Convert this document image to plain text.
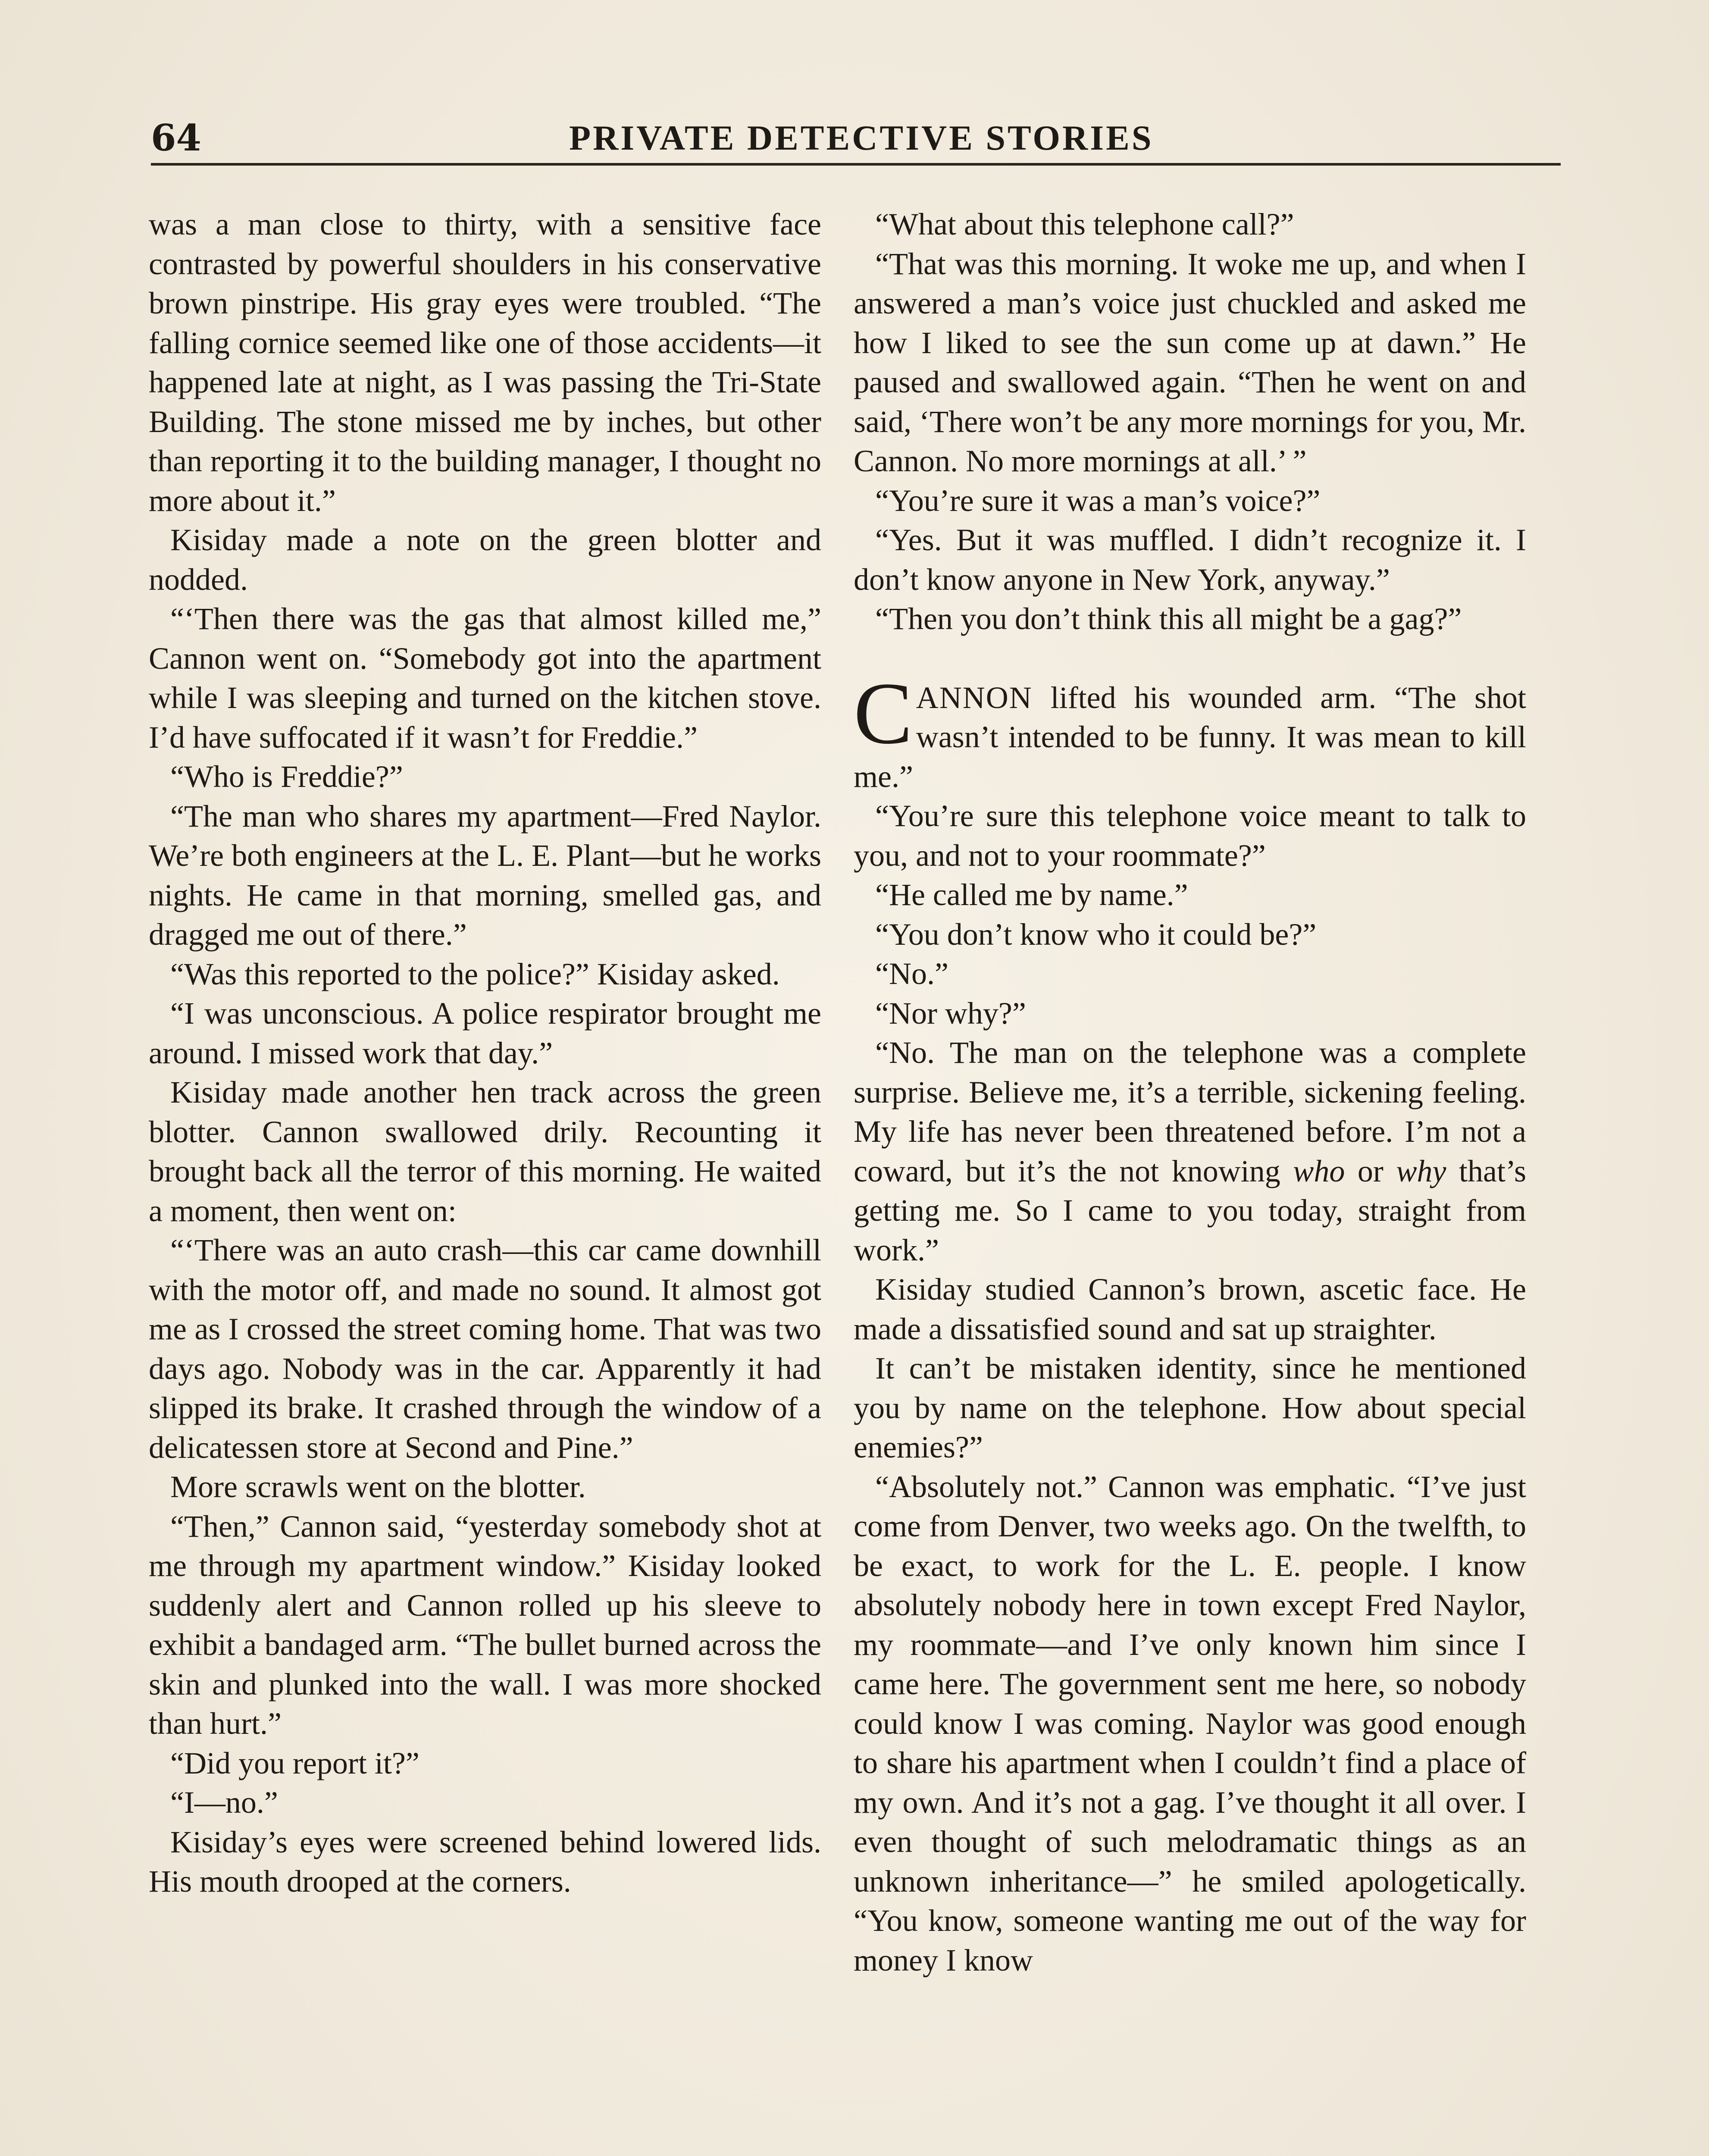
64	PRIVATE DETECTIVE STORIES

was a man close to thirty, with a sensitive face contrasted by powerful shoulders in his conservative brown pinstripe. His gray eyes were troubled. “The falling cornice seemed like one of those accidents—it happened late at night, as I was passing the Tri-State Building. The stone missed me by inches, but other than reporting it to the building manager, I thought no more about it.”

Kisiday made a note on the green blotter and nodded.

“‘Then there was the gas that almost killed me,” Cannon went on. “Somebody got into the apartment while I was sleeping and turned on the kitchen stove. I’d have suffocated if it wasn’t for Freddie.”

“Who is Freddie?”

“The man who shares my apartment—Fred Naylor. We’re both engineers at the L. E. Plant—but he works nights. He came in that morning, smelled gas, and dragged me out of there.”

“Was this reported to the police?” Kisiday asked.

“I was unconscious. A police respirator brought me around. I missed work that day.”

Kisiday made another hen track across the green blotter. Cannon swallowed drily. Recounting it brought back all the terror of this morning. He waited a moment, then went on:

“‘There was an auto crash—this car came downhill with the motor off, and made no sound. It almost got me as I crossed the street coming home. That was two days ago. Nobody was in the car. Apparently it had slipped its brake. It crashed through the window of a delicatessen store at Second and Pine.”

More scrawls went on the blotter.

“Then,” Cannon said, “yesterday somebody shot at me through my apartment window.” Kisiday looked suddenly alert and Cannon rolled up his sleeve to exhibit a bandaged arm. “The bullet burned across the skin and plunked into the wall. I was more shocked than hurt.”

“Did you report it?”

“I—no.”

Kisiday’s eyes were screened behind lowered lids. His mouth drooped at the corners.

“What about this telephone call?”

“That was this morning. It woke me up, and when I answered a man’s voice just chuckled and asked me how I liked to see the sun come up at dawn.” He paused and swallowed again. “Then he went on and said, ‘There won’t be any more mornings for you, Mr. Cannon. No more mornings at all.’ ”

“You’re sure it was a man’s voice?”

“Yes. But it was muffled. I didn’t recognize it. I don’t know anyone in New York, anyway.”

“Then you don’t think this all might be a gag?”

CANNON lifted his wounded arm. “The shot wasn’t intended to be funny. It was mean to kill me.”

“You’re sure this telephone voice meant to talk to you, and not to your roommate?”

“He called me by name.”

“You don’t know who it could be?”

“No.”

“Nor why?”

“No. The man on the telephone was a complete surprise. Believe me, it’s a terrible, sickening feeling. My life has never been threatened before. I’m not a coward, but it’s the not knowing who or why that’s getting me. So I came to you today, straight from work.”

Kisiday studied Cannon’s brown, ascetic face. He made a dissatisfied sound and sat up straighter.

It can’t be mistaken identity, since he mentioned you by name on the telephone. How about special enemies?”

“Absolutely not.” Cannon was emphatic. “I’ve just come from Denver, two weeks ago. On the twelfth, to be exact, to work for the L. E. people. I know absolutely nobody here in town except Fred Naylor, my roommate—and I’ve only known him since I came here. The government sent me here, so nobody could know I was coming. Naylor was good enough to share his apartment when I couldn’t find a place of my own. And it’s not a gag. I’ve thought it all over. I even thought of such melodramatic things as an unknown inheritance—” he smiled apologetically. “You know, someone wanting me out of the way for money I know
